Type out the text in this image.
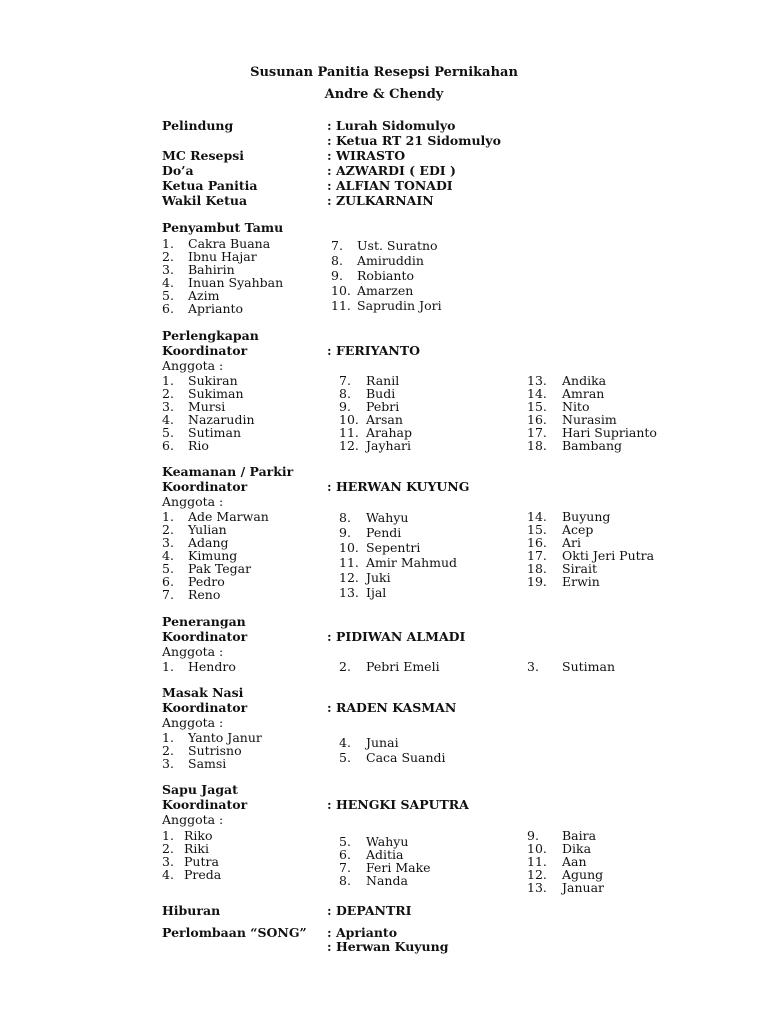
Susunan Panitia Resepsi Pernikahan
Andre & Chendy
Pelindung	: Lurah Sidomulyo
: Ketua RT 21 Sidomulyo
MC Resepsi	: WIRASTO
Do’a	: AZWARDI ( EDI )
Ketua Panitia	: ALFIAN TONADI
Wakil Ketua	: ZULKARNAIN
Penyambut Tamu
Perlengkapan
Koordinator	: FERIYANTO
Anggota :
Keamanan / Parkir
Koordinator	: HERWAN KUYUNG
Anggota :
Penerangan
Koordinator	: PIDIWAN ALMADI
Anggota :
Masak Nasi
Koordinator	: RADEN KASMAN
Anggota :
Sapu Jagat
Koordinator	: HENGKI SAPUTRA
Anggota :
Hiburan	: DEPANTRI
Perlombaan “SONG” : Aprianto
: Herwan Kuyung
1. Cakra Buana
2. Ibnu Hajar
3. Bahirin
4. Inuan Syahban
5. Azim
6. Aprianto
7. Ust. Suratno
8. Amiruddin
9. Robianto
10. Amarzen
11. Saprudin Jori
1. Sukiran
2. Sukiman
3. Mursi
4. Nazarudin
5. Sutiman
6. Rio
7. Ranil
8. Budi
9. Pebri
10. Arsan
11. Arahap
12. Jayhari
13. Andika
14. Amran
15. Nito
16. Nurasim
17. Hari Suprianto
18. Bambang
1. Ade Marwan
2. Yulian
3. Adang
4. Kimung
5. Pak Tegar
6. Pedro
7. Reno
8. Wahyu
9. Pendi
10. Sepentri
11. Amir Mahmud
12. Juki
13. Ijal
14. Buyung
15. Acep
16. Ari
17. Okti Jeri Putra
18. Sirait
19. Erwin
1. Hendro	2. Pebri Emeli	3. Sutiman
1. Yanto Janur
2. Sutrisno
3. Samsi
4. Junai
5. Caca Suandi
1. Riko
2. Riki
3. Putra
4. Preda
5. Wahyu
6. Aditia
7. Feri Make
8. Nanda
9. Baira
10. Dika
11. Aan
12. Agung
13. Januar
